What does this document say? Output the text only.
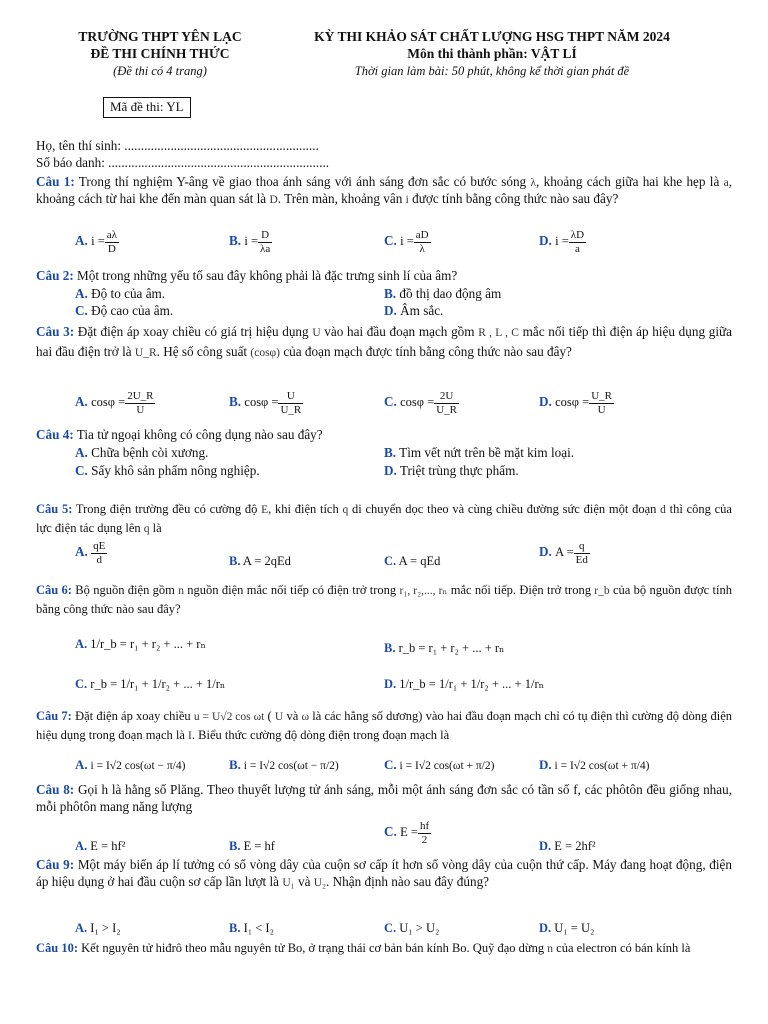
TRƯỜNG THPT YÊN LẠC
ĐỀ THI CHÍNH THỨC
(Đề thi có 4 trang)
KỲ THI KHẢO SÁT CHẤT LƯỢNG HSG THPT NĂM 2024
Môn thi thành phần: VẬT LÍ
Thời gian làm bài: 50 phút, không kể thời gian phát đề
Mã đề thi: YL
Họ, tên thí sinh: ...........................................................
Số báo danh: ...................................................................
Câu 1: Trong thí nghiệm Y-âng về giao thoa ánh sáng với ánh sáng đơn sắc có bước sóng λ, khoảng cách giữa hai khe hẹp là a, khoảng cách từ hai khe đến màn quan sát là D. Trên màn, khoảng vân i được tính bằng công thức nào sau đây?
A. $i = \frac{a\lambda}{D}$	B. $i = \frac{D}{\lambda a}$	C. $i = \frac{aD}{\lambda}$	D. $i = \frac{\lambda D}{a}$
Câu 2: Một trong những yếu tố sau đây không phải là đặc trưng sinh lí của âm?
A. Độ to của âm.	B. đồ thị dao động âm
C. Độ cao của âm.	D. Âm sắc.
Câu 3: Đặt điện áp xoay chiều có giá trị hiệu dụng U vào hai đầu đoạn mạch gồm R , L , C mắc nối tiếp thì điện áp hiệu dụng giữa hai đầu điện trở là U_R. Hệ số công suất (cosφ) của đoạn mạch được tính bằng công thức nào sau đây?
A. $\cos\varphi = \frac{2U\_R}{U}$	B. $\cos\varphi = \frac{U}{U\_R}$	C. $\cos\varphi = \frac{2U}{U\_R}$	D. $\cos\varphi = \frac{U\_R}{U}$
Câu 4: Tia tử ngoại không có công dụng nào sau đây?
A. Chữa bệnh còi xương.	B. Tìm vết nứt trên bề mặt kim loại.
C. Sấy khô sản phẩm nông nghiệp.	D. Triệt trùng thực phẩm.
Câu 5: Trong điện trường đều có cường độ E, khi điện tích q di chuyển dọc theo và cùng chiều đường sức điện một đoạn d thì công của lực điện tác dụng lên q là
A. $\frac{qE}{d}$	B. A = 2qEd	C. A = qEd
D. $A = \frac{q}{Ed}$
Câu 6: Bộ nguồn điện gồm n nguồn điện mắc nối tiếp có điện trở trong r₁, r₂,..., rₙ mắc nối tiếp. Điện trở trong r_b của bộ nguồn được tính bằng công thức nào sau đây?
A. 1/r_b = r₁ + r₂ + ... + rₙ	B. r_b = r₁ + r₂ + ... + rₙ
C. r_b = 1/r₁ + 1/r₂ + ... + 1/rₙ	D. 1/r_b = 1/r₁ + 1/r₂ + ... + 1/rₙ
Câu 7: Đặt điện áp xoay chiều u = U√2 cos ωt ( U và ω là các hằng số dương) vào hai đầu đoạn mạch chỉ có tụ điện thì cường độ dòng điện hiệu dụng trong đoạn mạch là I. Biểu thức cường độ dòng điện trong đoạn mạch là
A. i = I√2 cos(ωt − π/4)	B. i = I√2 cos(ωt − π/2)	C. i = I√2 cos(ωt + π/2)	D. i = I√2 cos(ωt + π/4)
Câu 8: Gọi h là hằng số Plăng. Theo thuyết lượng tử ánh sáng, mỗi một ánh sáng đơn sắc có tần số f, các phôtôn đều giống nhau, mỗi phôtôn mang năng lượng
A. E = hf²	B. E = hf
C. $E = \frac{hf}{2}$	D. E = 2hf²
Câu 9: Một máy biến áp lí tưởng có số vòng dây của cuộn sơ cấp ít hơn số vòng dây của cuộn thứ cấp. Máy đang hoạt động, điện áp hiệu dụng ở hai đầu cuộn sơ cấp lần lượt là U₁ và U₂. Nhận định nào sau đây đúng?
A. I₁ > I₂	B. I₁ < I₂	C. U₁ > U₂	D. U₁ = U₂
Câu 10: Kết nguyên tử hiđrô theo mẫu nguyên tử Bo, ở trạng thái cơ bản bán kính Bo. Quỹ đạo dừng n của electron có bán kính là
